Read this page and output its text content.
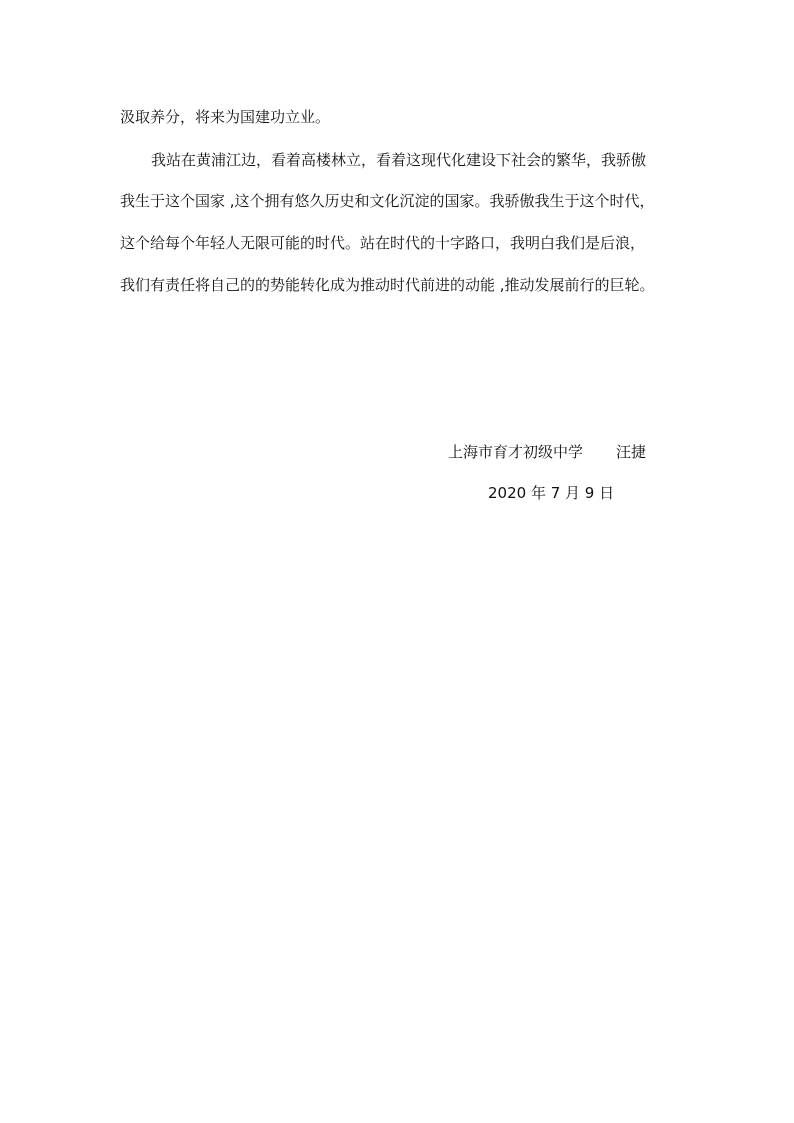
汲取养分，将来为国建功立业。
我站在黄浦江边，看着高楼林立，看着这现代化建设下社会的繁华，我骄傲
我生于这个国家 ,这个拥有悠久历史和文化沉淀的国家。我骄傲我生于这个时代，
这个给每个年轻人无限可能的时代。站在时代的十字路口，我明白我们是后浪，
我们有责任将自己的的势能转化成为推动时代前进的动能 ,推动发展前行的巨轮。
上海市育才初级中学 汪捷
2020 年 7 月 9 日
